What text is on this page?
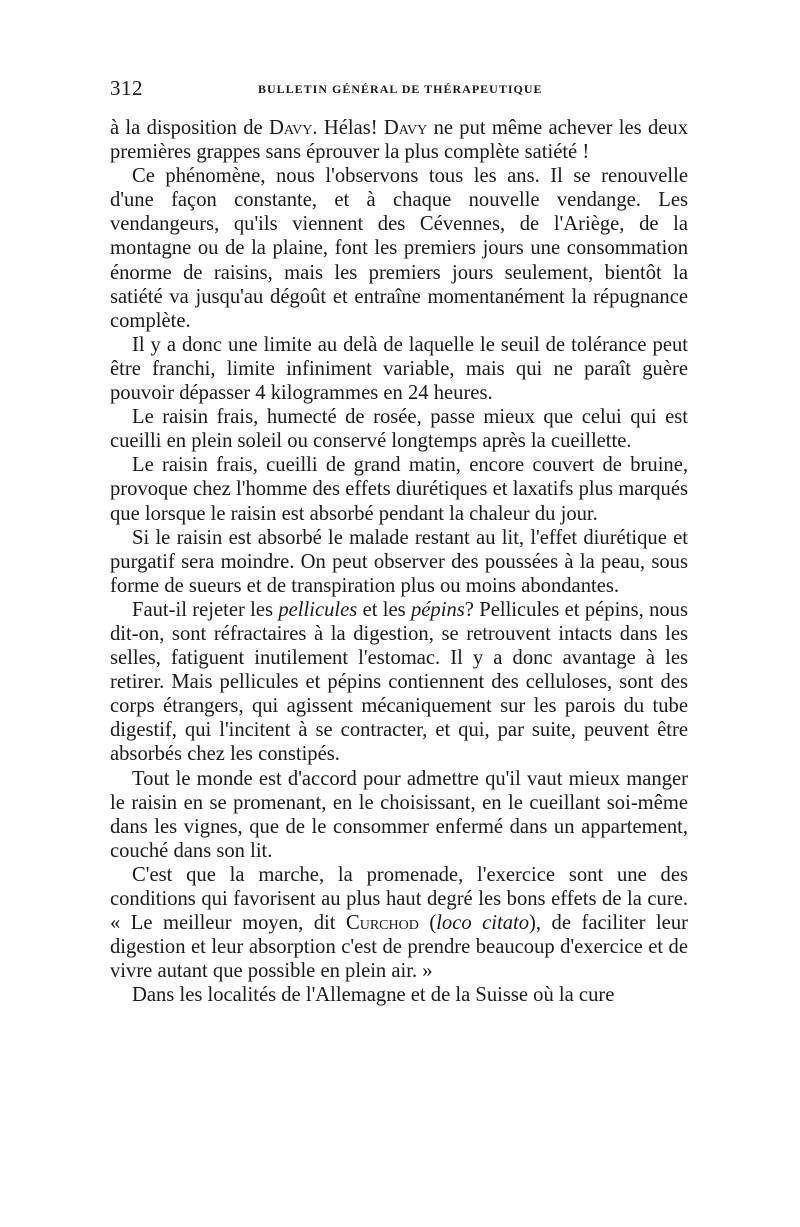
312	BULLETIN GÉNÉRAL DE THÉRAPEUTIQUE

à la disposition de Davy. Hélas! Davy ne put même achever les deux premières grappes sans éprouver la plus complète satiété !

Ce phénomène, nous l'observons tous les ans. Il se renouvelle d'une façon constante, et à chaque nouvelle vendange. Les vendangeurs, qu'ils viennent des Cévennes, de l'Ariège, de la montagne ou de la plaine, font les premiers jours une consommation énorme de raisins, mais les premiers jours seulement, bientôt la satiété va jusqu'au dégoût et entraîne momentanément la répugnance complète.

Il y a donc une limite au delà de laquelle le seuil de tolérance peut être franchi, limite infiniment variable, mais qui ne paraît guère pouvoir dépasser 4 kilogrammes en 24 heures.

Le raisin frais, humecté de rosée, passe mieux que celui qui est cueilli en plein soleil ou conservé longtemps après la cueillette.

Le raisin frais, cueilli de grand matin, encore couvert de bruine, provoque chez l'homme des effets diurétiques et laxatifs plus marqués que lorsque le raisin est absorbé pendant la chaleur du jour.

Si le raisin est absorbé le malade restant au lit, l'effet diurétique et purgatif sera moindre. On peut observer des poussées à la peau, sous forme de sueurs et de transpiration plus ou moins abondantes.

Faut-il rejeter les pellicules et les pépins? Pellicules et pépins, nous dit-on, sont réfractaires à la digestion, se retrouvent intacts dans les selles, fatiguent inutilement l'estomac. Il y a donc avantage à les retirer. Mais pellicules et pépins contiennent des celluloses, sont des corps étrangers, qui agissent mécaniquement sur les parois du tube digestif, qui l'incitent à se contracter, et qui, par suite, peuvent être absorbés chez les constipés.

Tout le monde est d'accord pour admettre qu'il vaut mieux manger le raisin en se promenant, en le choisissant, en le cueillant soi-même dans les vignes, que de le consommer enfermé dans un appartement, couché dans son lit.

C'est que la marche, la promenade, l'exercice sont une des conditions qui favorisent au plus haut degré les bons effets de la cure. « Le meilleur moyen, dit Curchod (loco citato), de faciliter leur digestion et leur absorption c'est de prendre beaucoup d'exercice et de vivre autant que possible en plein air. »

Dans les localités de l'Allemagne et de la Suisse où la cure
